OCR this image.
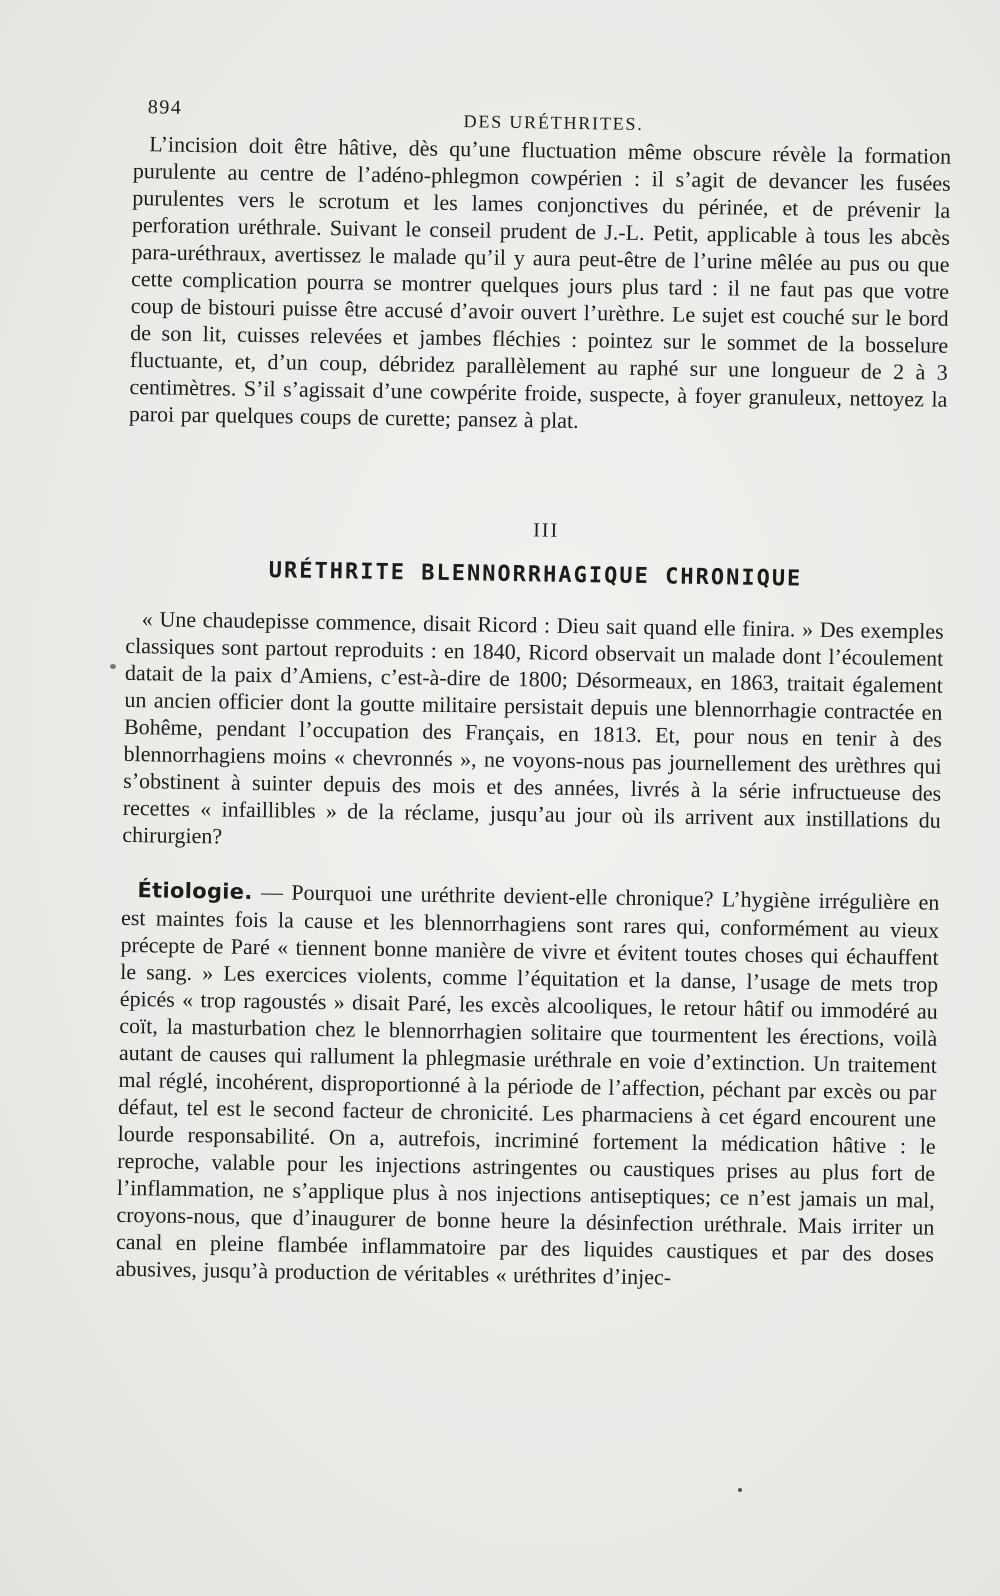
894
DES URÉTHRITES.

L’incision doit être hâtive, dès qu’une fluctuation même obscure révèle la formation purulente au centre de l’adéno-phlegmon cowpérien : il s’agit de devancer les fusées purulentes vers le scrotum et les lames conjonctives du périnée, et de prévenir la perforation uréthrale. Suivant le conseil prudent de J.-L. Petit, applicable à tous les abcès para-uréthraux, avertissez le malade qu’il y aura peut-être de l’urine mêlée au pus ou que cette complication pourra se montrer quelques jours plus tard : il ne faut pas que votre coup de bistouri puisse être accusé d’avoir ouvert l’urèthre. Le sujet est couché sur le bord de son lit, cuisses relevées et jambes fléchies : pointez sur le sommet de la bosselure fluctuante, et, d’un coup, débridez parallèlement au raphé sur une longueur de 2 à 3 centimètres. S’il s’agissait d’une cowpérite froide, suspecte, à foyer granuleux, nettoyez la paroi par quelques coups de curette; pansez à plat.

III
URÉTHRITE BLENNORRHAGIQUE CHRONIQUE

« Une chaudepisse commence, disait Ricord : Dieu sait quand elle finira. » Des exemples classiques sont partout reproduits : en 1840, Ricord observait un malade dont l’écoulement datait de la paix d’Amiens, c’est-à-dire de 1800; Désormeaux, en 1863, traitait également un ancien officier dont la goutte militaire persistait depuis une blennorrhagie contractée en Bohême, pendant l’occupation des Français, en 1813. Et, pour nous en tenir à des blennorrhagiens moins « chevronnés », ne voyons-nous pas journellement des urèthres qui s’obstinent à suinter depuis des mois et des années, livrés à la série infructueuse des recettes « infaillibles » de la réclame, jusqu’au jour où ils arrivent aux instillations du chirurgien?

Étiologie. — Pourquoi une uréthrite devient-elle chronique? L’hygiène irrégulière en est maintes fois la cause et les blennorrhagiens sont rares qui, conformément au vieux précepte de Paré « tiennent bonne manière de vivre et évitent toutes choses qui échauffent le sang. » Les exercices violents, comme l’équitation et la danse, l’usage de mets trop épicés « trop ragoustés » disait Paré, les excès alcooliques, le retour hâtif ou immodéré au coït, la masturbation chez le blennorrhagien solitaire que tourmentent les érections, voilà autant de causes qui rallument la phlegmasie uréthrale en voie d’extinction. Un traitement mal réglé, incohérent, disproportionné à la période de l’affection, péchant par excès ou par défaut, tel est le second facteur de chronicité. Les pharmaciens à cet égard encourent une lourde responsabilité. On a, autrefois, incriminé fortement la médication hâtive : le reproche, valable pour les injections astringentes ou caustiques prises au plus fort de l’inflammation, ne s’applique plus à nos injections antiseptiques; ce n’est jamais un mal, croyons-nous, que d’inaugurer de bonne heure la désinfection uréthrale. Mais irriter un canal en pleine flambée inflammatoire par des liquides caustiques et par des doses abusives, jusqu’à production de véritables « uréthrites d’injec-
